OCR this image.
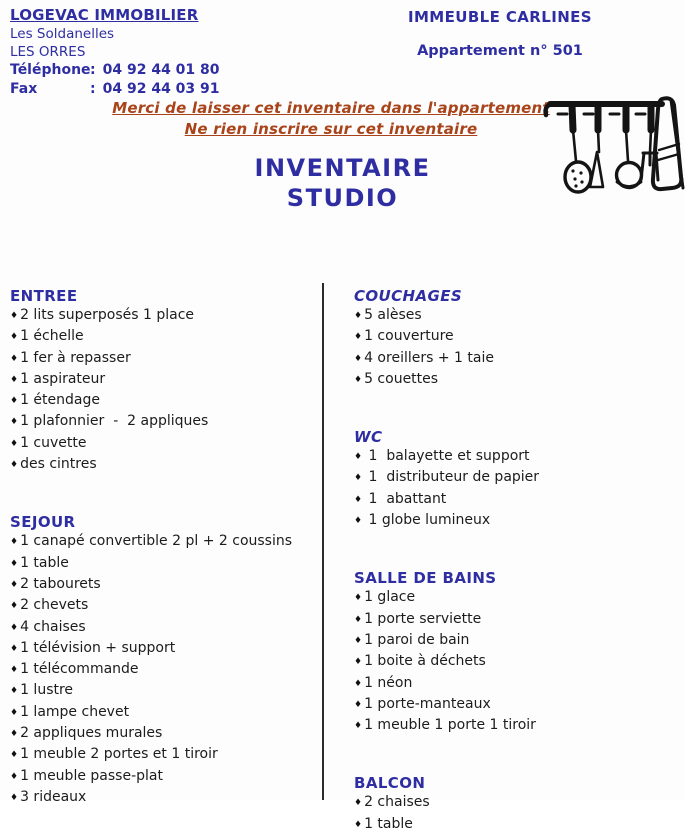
LOGEVAC IMMOBILIER
Les Soldanelles
LES ORRES
Téléphone : 04 92 44 01 80
Fax	: 04 92 44 03 91
IMMEUBLE CARLINES
Appartement n° 501
Merci de laisser cet inventaire dans l'appartement
Ne rien inscrire sur cet inventaire
INVENTAIRE
STUDIO
ENTREE
♦ 2 lits superposés 1 place
♦ 1 échelle
♦ 1 fer à repasser
♦ 1 aspirateur
♦ 1 étendage
♦ 1 plafonnier  -  2 appliques
♦ 1 cuvette
♦ des cintres
SEJOUR
♦ 1 canapé convertible 2 pl + 2 coussins
♦ 1 table
♦ 2 tabourets
♦ 2 chevets
♦ 4 chaises
♦ 1 télévision + support
♦ 1 télécommande
♦ 1 lustre
♦ 1 lampe chevet
♦ 2 appliques murales
♦ 1 meuble 2 portes et 1 tiroir
♦ 1 meuble passe-plat
♦ 3 rideaux
COUCHAGES
♦ 5 alèses
♦ 1 couverture
♦ 4 oreillers + 1 taie
♦ 5 couettes
WC
♦ 1  balayette et support
♦ 1  distributeur de papier
♦ 1  abattant
♦ 1 globe lumineux
SALLE DE BAINS
♦ 1 glace
♦ 1 porte serviette
♦ 1 paroi de bain
♦ 1 boite à déchets
♦ 1 néon
♦ 1 porte-manteaux
♦ 1 meuble 1 porte 1 tiroir
BALCON
♦ 2 chaises
♦ 1 table
